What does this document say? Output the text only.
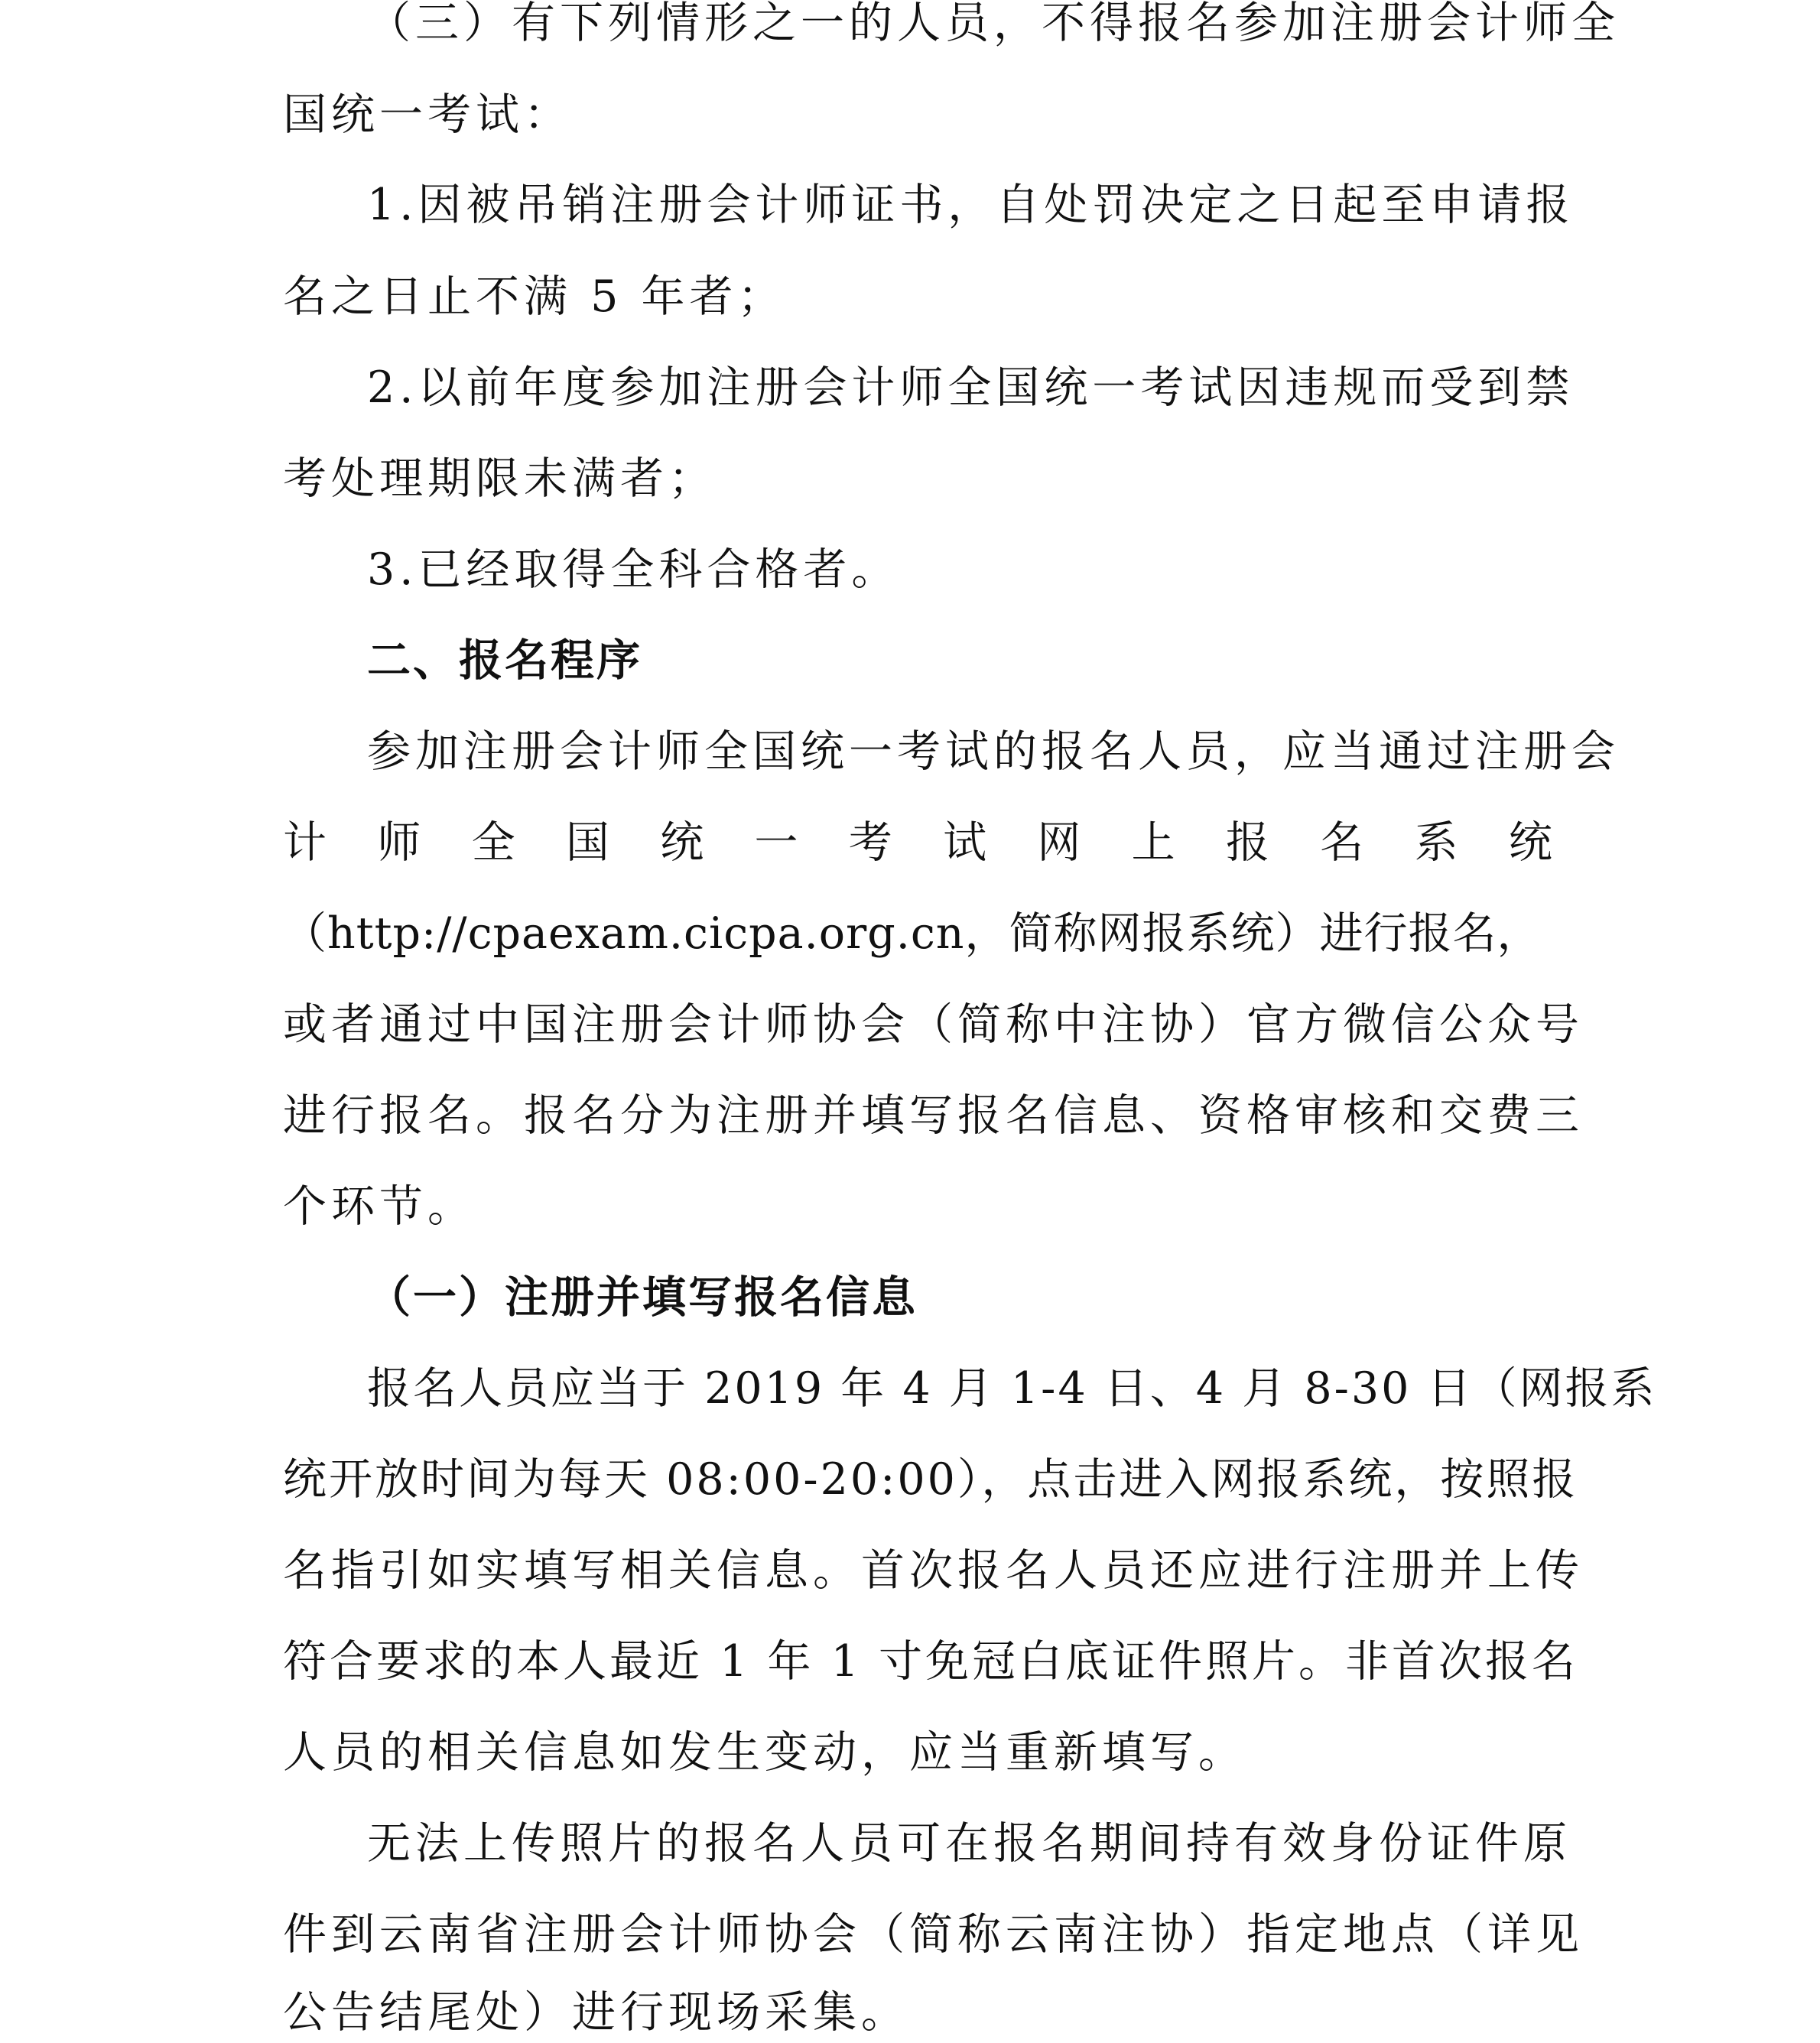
（三）有下列情形之一的人员，不得报名参加注册会计师全
国统一考试：
1.因被吊销注册会计师证书，自处罚决定之日起至申请报
名之日止不满 5 年者；
2.以前年度参加注册会计师全国统一考试因违规而受到禁
考处理期限未满者；
3.已经取得全科合格者。
二、报名程序
参加注册会计师全国统一考试的报名人员，应当通过注册会
计 师 全 国 统 一 考 试 网 上 报 名 系 统
（http://cpaexam.cicpa.org.cn，简称网报系统）进行报名，
或者通过中国注册会计师协会（简称中注协）官方微信公众号
进行报名。报名分为注册并填写报名信息、资格审核和交费三
个环节。
（一）注册并填写报名信息
报名人员应当于 2019 年 4 月 1-4 日、4 月 8-30 日（网报系
统开放时间为每天 08:00-20:00），点击进入网报系统，按照报
名指引如实填写相关信息。首次报名人员还应进行注册并上传
符合要求的本人最近 1 年 1 寸免冠白底证件照片。非首次报名
人员的相关信息如发生变动，应当重新填写。
无法上传照片的报名人员可在报名期间持有效身份证件原
件到云南省注册会计师协会（简称云南注协）指定地点（详见
公告结尾处）进行现场采集。
